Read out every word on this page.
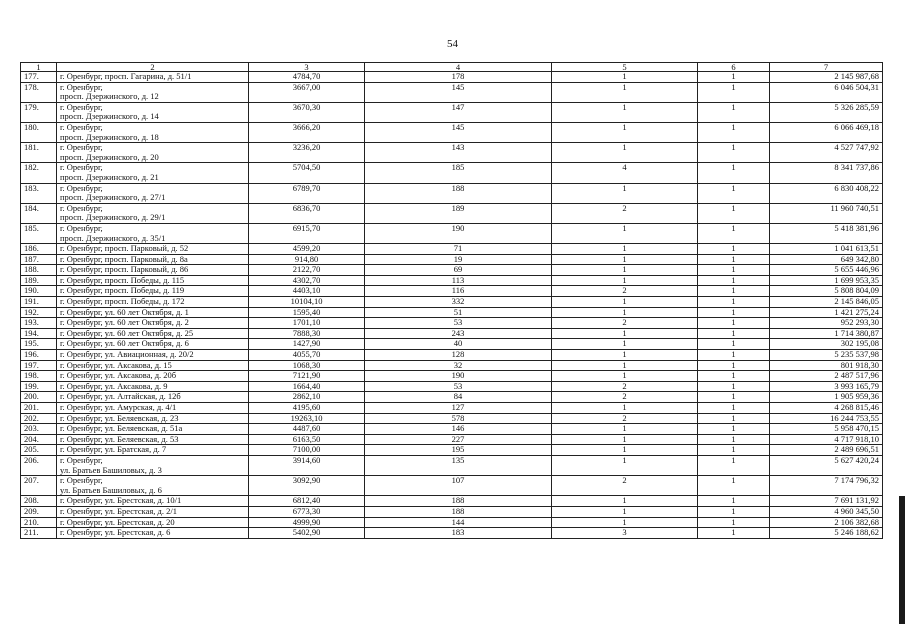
54
1	2	3	4	5	6	7
177.	г. Оренбург, просп. Гагарина, д. 51/1	4784,70	178	1	1	2 145 987,68
178.	г. Оренбург,
просп. Дзержинского, д. 12	3667,00	145	1	1	6 046 504,31
179.	г. Оренбург,
просп. Дзержинского, д. 14	3670,30	147	1	1	5 326 285,59
180.	г. Оренбург,
просп. Дзержинского, д. 18	3666,20	145	1	1	6 066 469,18
181.	г. Оренбург,
просп. Дзержинского, д. 20	3236,20	143	1	1	4 527 747,92
182.	г. Оренбург,
просп. Дзержинского, д. 21	5704,50	185	4	1	8 341 737,86
183.	г. Оренбург,
просп. Дзержинского, д. 27/1	6789,70	188	1	1	6 830 408,22
184.	г. Оренбург,
просп. Дзержинского, д. 29/1	6836,70	189	2	1	11 960 740,51
185.	г. Оренбург,
просп. Дзержинского, д. 35/1	6915,70	190	1	1	5 418 381,96
186.	г. Оренбург, просп. Парковый, д. 52	4599,20	71	1	1	1 041 613,51
187.	г. Оренбург, просп. Парковый, д. 8а	914,80	19	1	1	649 342,80
188.	г. Оренбург, просп. Парковый, д. 86	2122,70	69	1	1	5 655 446,96
189.	г. Оренбург, просп. Победы, д. 115	4302,70	113	1	1	1 699 953,35
190.	г. Оренбург, просп. Победы, д. 119	4403,10	116	2	1	5 808 804,09
191.	г. Оренбург, просп. Победы, д. 172	10104,10	332	1	1	2 145 846,05
192.	г. Оренбург, ул. 60 лет Октября, д. 1	1595,40	51	1	1	1 421 275,24
193.	г. Оренбург, ул. 60 лет Октября, д. 2	1701,10	53	2	1	952 293,30
194.	г. Оренбург, ул. 60 лет Октября, д. 25	7888,30	243	1	1	1 714 380,87
195.	г. Оренбург, ул. 60 лет Октября, д. 6	1427,90	40	1	1	302 195,08
196.	г. Оренбург, ул. Авиационная, д. 20/2	4055,70	128	1	1	5 235 537,98
197.	г. Оренбург, ул. Аксакова, д. 15	1068,30	32	1	1	801 918,30
198.	г. Оренбург, ул. Аксакова, д. 20б	7121,90	190	1	1	2 487 517,96
199.	г. Оренбург, ул. Аксакова, д. 9	1664,40	53	2	1	3 993 165,79
200.	г. Оренбург, ул. Алтайская, д. 12б	2862,10	84	2	1	1 905 959,36
201.	г. Оренбург, ул. Амурская, д. 4/1	4195,60	127	1	1	4 268 815,46
202.	г. Оренбург, ул. Беляевская, д. 23	19263,10	578	2	1	16 244 753,55
203.	г. Оренбург, ул. Беляевская, д. 51а	4487,60	146	1	1	5 958 470,15
204.	г. Оренбург, ул. Беляевская, д. 53	6163,50	227	1	1	4 717 918,10
205.	г. Оренбург, ул. Братская, д. 7	7100,00	195	1	1	2 489 696,51
206.	г. Оренбург,
ул. Братьев Башиловых, д. 3	3914,60	135	1	1	5 627 420,24
207.	г. Оренбург,
ул. Братьев Башиловых, д. 6	3092,90	107	2	1	7 174 796,32
208.	г. Оренбург, ул. Брестская, д. 10/1	6812,40	188	1	1	7 691 131,92
209.	г. Оренбург, ул. Брестская, д. 2/1	6773,30	188	1	1	4 960 345,50
210.	г. Оренбург, ул. Брестская, д. 20	4999,90	144	1	1	2 106 382,68
211.	г. Оренбург, ул. Брестская, д. 6	5402,90	183	3	1	5 246 188,62
